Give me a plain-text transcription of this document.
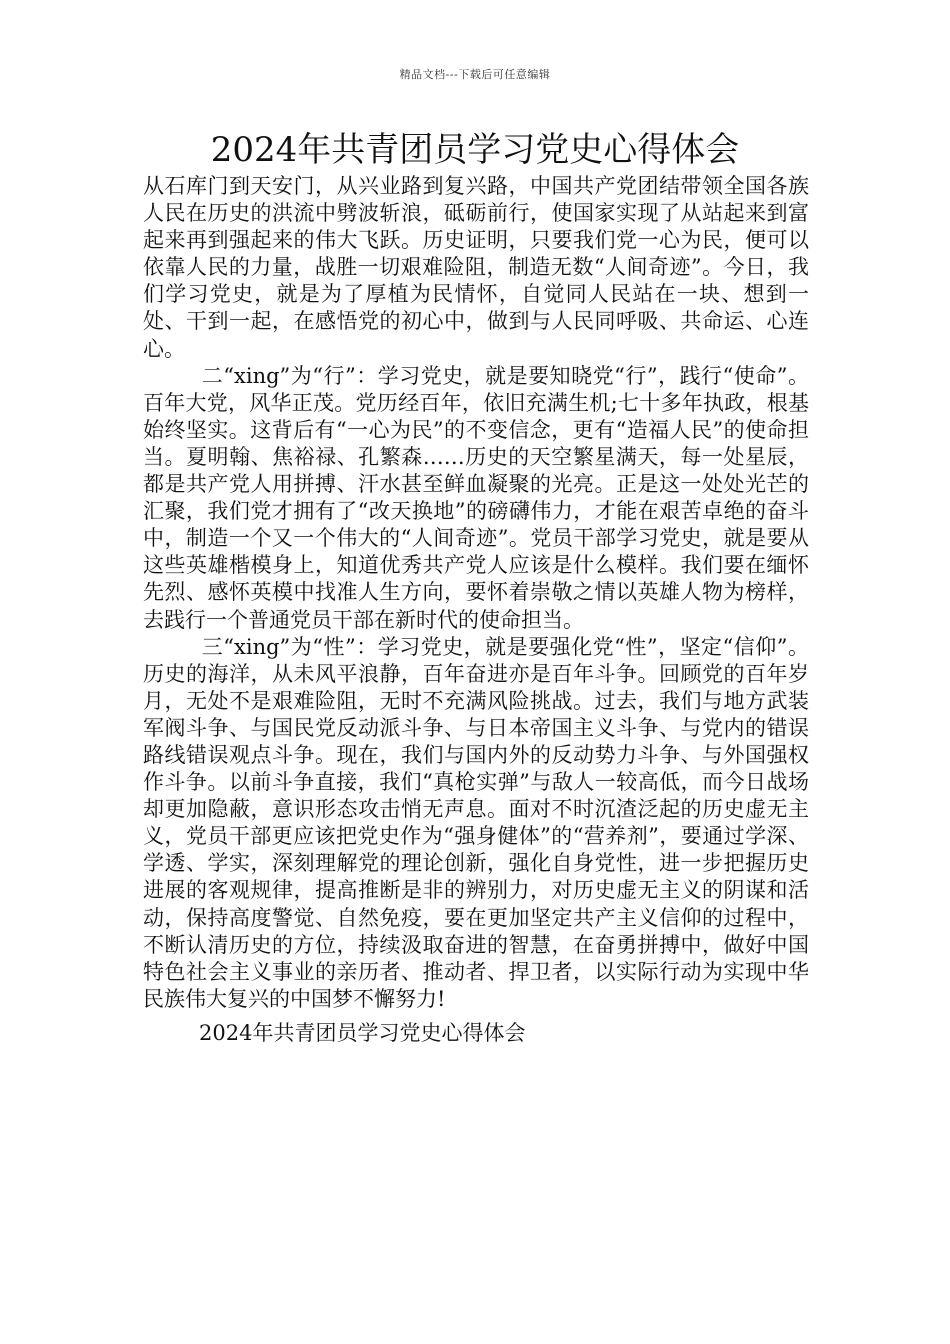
精品文档---下载后可任意编辑
2024年共青团员学习党史心得体会

从石库门到天安门，从兴业路到复兴路，中国共产党团结带领全国各族人民在历史的洪流中劈波斩浪，砥砺前行，使国家实现了从站起来到富起来再到强起来的伟大飞跃。历史证明，只要我们党一心为民，便可以依靠人民的力量，战胜一切艰难险阻，制造无数“人间奇迹”。今日，我们学习党史，就是为了厚植为民情怀，自觉同人民站在一块、想到一处、干到一起，在感悟党的初心中，做到与人民同呼吸、共命运、心连心。

二“xing”为“行”：学习党史，就是要知晓党“行”，践行“使命”。百年大党，风华正茂。党历经百年，依旧充满生机;七十多年执政，根基始终坚实。这背后有“一心为民”的不变信念，更有“造福人民”的使命担当。夏明翰、焦裕禄、孔繁森……历史的天空繁星满天，每一处星辰，都是共产党人用拼搏、汗水甚至鲜血凝聚的光亮。正是这一处处光芒的汇聚，我们党才拥有了“改天换地”的磅礴伟力，才能在艰苦卓绝的奋斗中，制造一个又一个伟大的“人间奇迹”。党员干部学习党史，就是要从这些英雄楷模身上，知道优秀共产党人应该是什么模样。我们要在缅怀先烈、感怀英模中找准人生方向，要怀着崇敬之情以英雄人物为榜样，去践行一个普通党员干部在新时代的使命担当。

三“xing”为“性”：学习党史，就是要强化党“性”，坚定“信仰”。历史的海洋，从未风平浪静，百年奋进亦是百年斗争。回顾党的百年岁月，无处不是艰难险阻，无时不充满风险挑战。过去，我们与地方武装军阀斗争、与国民党反动派斗争、与日本帝国主义斗争、与党内的错误路线错误观点斗争。现在，我们与国内外的反动势力斗争、与外国强权作斗争。以前斗争直接，我们“真枪实弹”与敌人一较高低，而今日战场却更加隐蔽，意识形态攻击悄无声息。面对不时沉渣泛起的历史虚无主义，党员干部更应该把党史作为“强身健体”的“营养剂”，要通过学深、学透、学实，深刻理解党的理论创新，强化自身党性，进一步把握历史进展的客观规律，提高推断是非的辨别力，对历史虚无主义的阴谋和活动，保持高度警觉、自然免疫，要在更加坚定共产主义信仰的过程中，不断认清历史的方位，持续汲取奋进的智慧，在奋勇拼搏中，做好中国特色社会主义事业的亲历者、推动者、捍卫者，以实际行动为实现中华民族伟大复兴的中国梦不懈努力!

2024年共青团员学习党史心得体会
